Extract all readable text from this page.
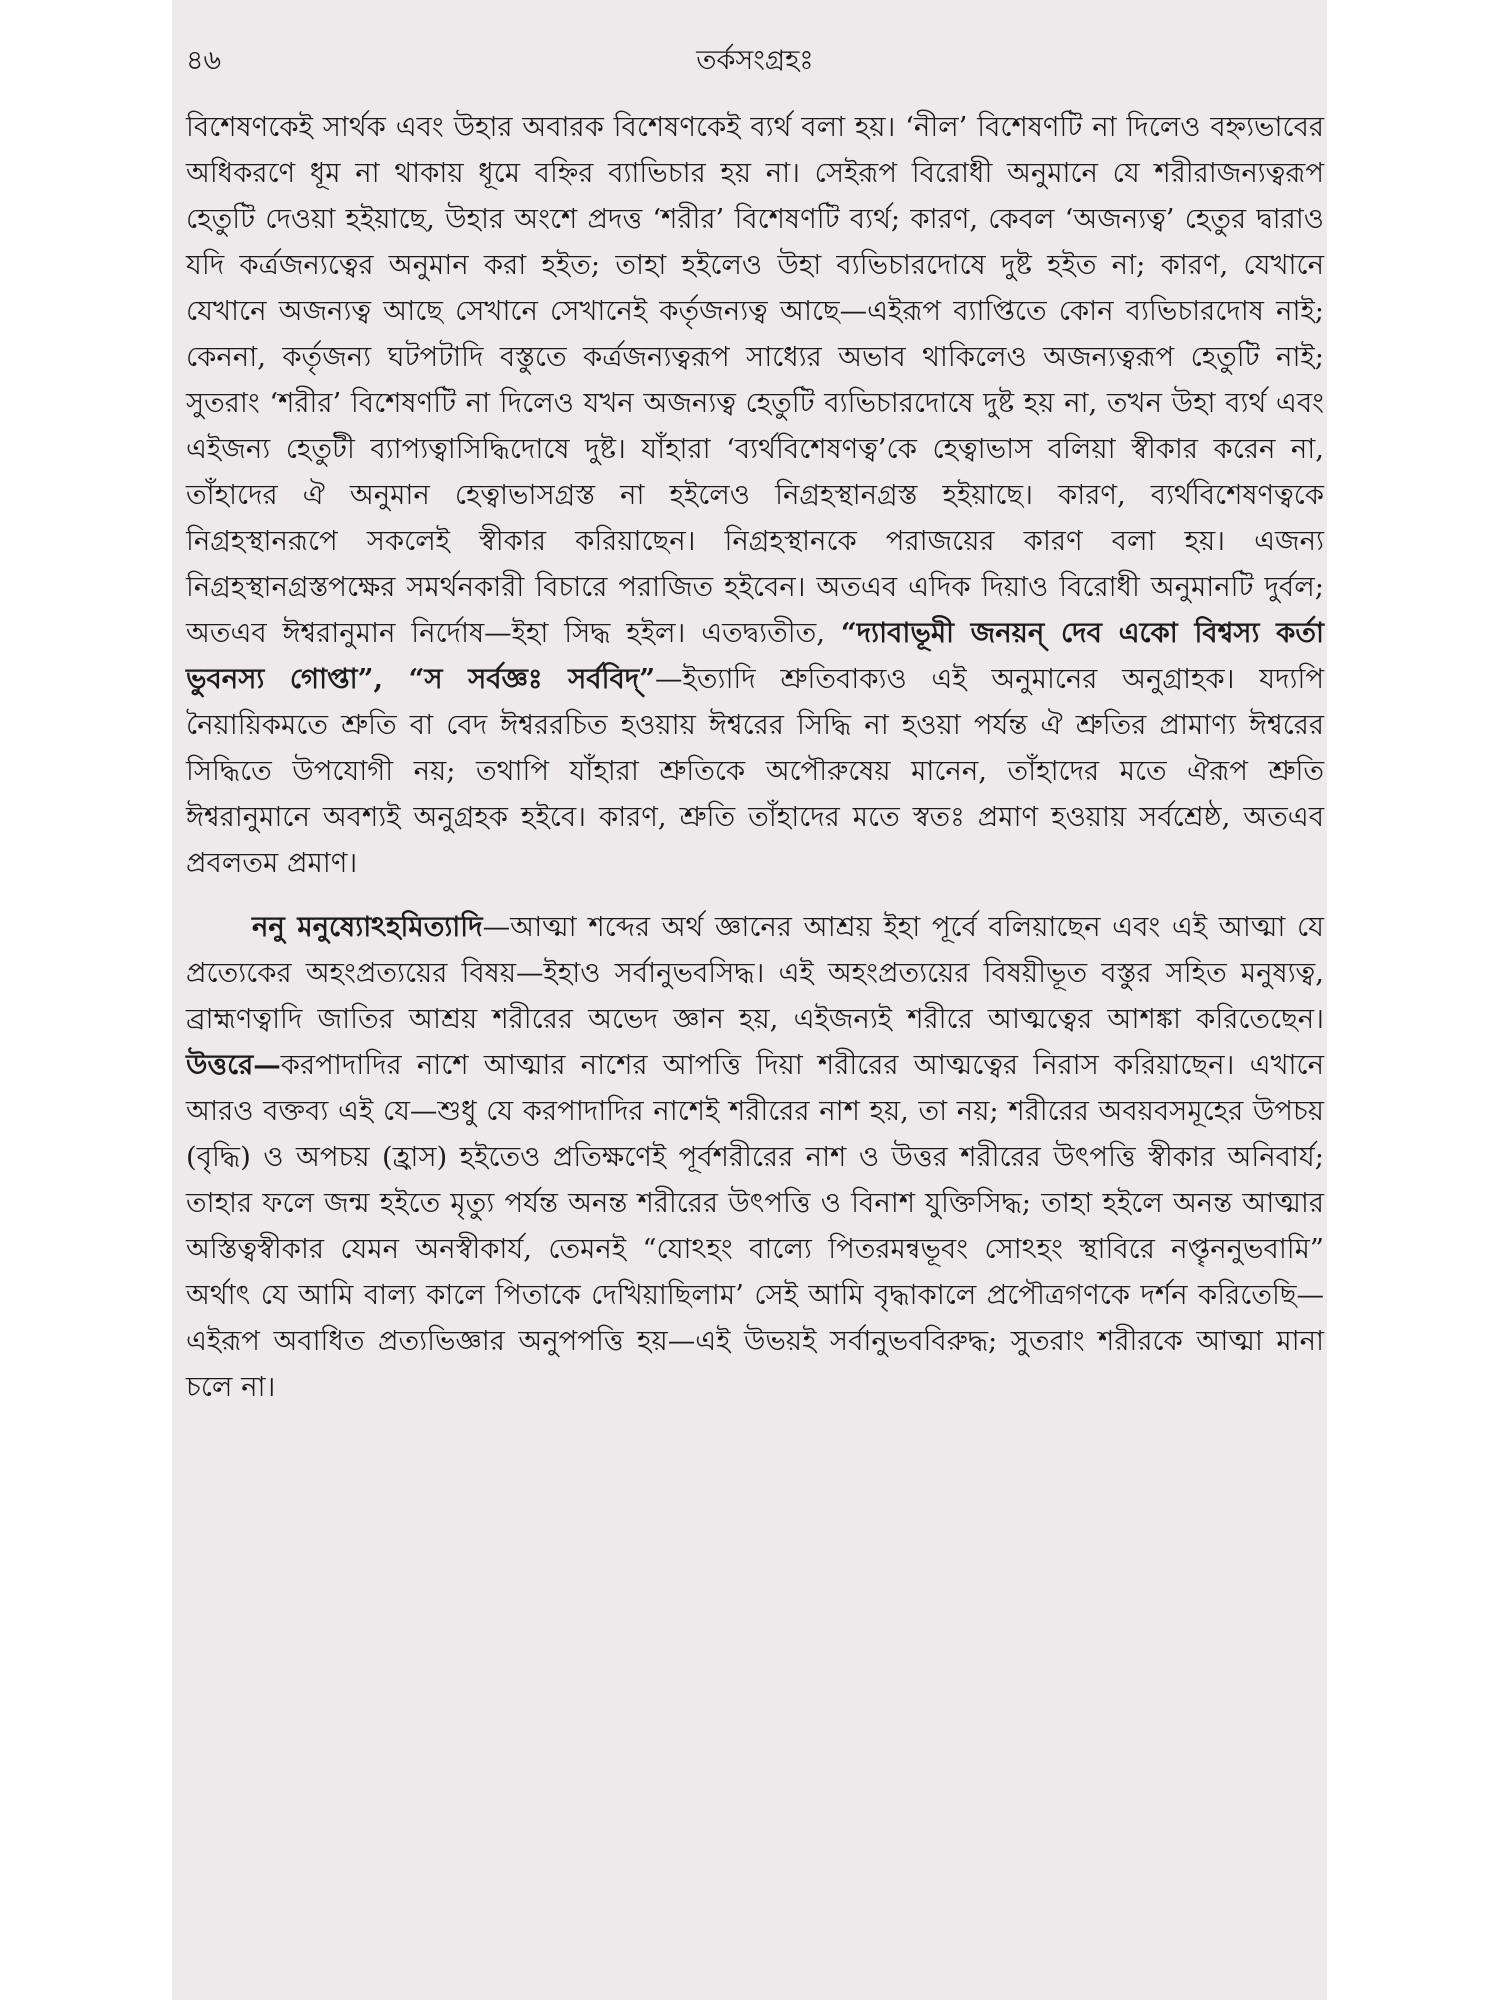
৪৬	তর্কসংগ্রহঃ

বিশেষণকেই সার্থক এবং উহার অবারক বিশেষণকেই ব্যর্থ বলা হয়। ‘নীল’ বিশেষণটি না দিলেও বহ্ন্যভাবের অধিকরণে ধূম না থাকায় ধূমে বহ্নির ব্যাভিচার হয় না। সেইরূপ বিরোধী অনুমানে যে শরীরাজন্যত্বরূপ হেতুটি দেওয়া হইয়াছে, উহার অংশে প্রদত্ত ‘শরীর’ বিশেষণটি ব্যর্থ; কারণ, কেবল ‘অজন্যত্ব’ হেতুর দ্বারাও যদি কর্ত্রজন্যত্বের অনুমান করা হইত; তাহা হইলেও উহা ব্যভিচারদোষে দুষ্ট হইত না; কারণ, যেখানে যেখানে অজন্যত্ব আছে সেখানে সেখানেই কর্তৃজন্যত্ব আছে—এইরূপ ব্যাপ্তিতে কোন ব্যভিচারদোষ নাই; কেননা, কর্তৃজন্য ঘটপটাদি বস্তুতে কর্ত্রজন্যত্বরূপ সাধ্যের অভাব থাকিলেও অজন্যত্বরূপ হেতুটি নাই; সুতরাং ‘শরীর’ বিশেষণটি না দিলেও যখন অজন্যত্ব হেতুটি ব্যভিচারদোষে দুষ্ট হয় না, তখন উহা ব্যর্থ এবং এইজন্য হেতুটী ব্যাপ্যত্বাসিদ্ধিদোষে দুষ্ট। যাঁহারা ‘ব্যর্থবিশেষণত্ব’কে হেত্বাভাস বলিয়া স্বীকার করেন না, তাঁহাদের ঐ অনুমান হেত্বাভাসগ্রস্ত না হইলেও নিগ্রহস্থানগ্রস্ত হইয়াছে। কারণ, ব্যর্থবিশেষণত্বকে নিগ্রহস্থানরূপে সকলেই স্বীকার করিয়াছেন। নিগ্রহস্থানকে পরাজয়ের কারণ বলা হয়। এজন্য নিগ্রহস্থানগ্রস্তপক্ষের সমর্থনকারী বিচারে পরাজিত হইবেন। অতএব এদিক দিয়াও বিরোধী অনুমানটি দুর্বল; অতএব ঈশ্বরানুমান নির্দোষ—ইহা সিদ্ধ হইল। এতদ্ব্যতীত, “দ্যাবাভূমী জনয়ন্ দেব একো বিশ্বস্য কর্তা ভুবনস্য গোপ্তা”, “স সর্বজ্ঞঃ সর্ববিদ্”—ইত্যাদি শ্রুতিবাক্যও এই অনুমানের অনুগ্রাহক। যদ্যপি নৈয়ায়িকমতে শ্রুতি বা বেদ ঈশ্বররচিত হওয়ায় ঈশ্বরের সিদ্ধি না হওয়া পর্যন্ত ঐ শ্রুতির প্রামাণ্য ঈশ্বরের সিদ্ধিতে উপযোগী নয়; তথাপি যাঁহারা শ্রুতিকে অপৌরুষেয় মানেন, তাঁহাদের মতে ঐরূপ শ্রুতি ঈশ্বরানুমানে অবশ্যই অনুগ্রহক হইবে। কারণ, শ্রুতি তাঁহাদের মতে স্বতঃ প্রমাণ হওয়ায় সর্বশ্রেষ্ঠ, অতএব প্রবলতম প্রমাণ।

ননু মনুষ্যোঽহমিত্যাদি—আত্মা শব্দের অর্থ জ্ঞানের আশ্রয় ইহা পূর্বে বলিয়াছেন এবং এই আত্মা যে প্রত্যেকের অহংপ্রত্যয়ের বিষয়—ইহাও সর্বানুভবসিদ্ধ। এই অহংপ্রত্যয়ের বিষয়ীভূত বস্তুর সহিত মনুষ্যত্ব, ব্রাহ্মণত্বাদি জাতির আশ্রয় শরীরের অভেদ জ্ঞান হয়, এইজন্যই শরীরে আত্মত্বের আশঙ্কা করিতেছেন। উত্তরে—করপাদাদির নাশে আত্মার নাশের আপত্তি দিয়া শরীরের আত্মত্বের নিরাস করিয়াছেন। এখানে আরও বক্তব্য এই যে—শুধু যে করপাদাদির নাশেই শরীরের নাশ হয়, তা নয়; শরীরের অবয়বসমূহের উপচয় (বৃদ্ধি) ও অপচয় (হ্রাস) হইতেও প্রতিক্ষণেই পূর্বশরীরের নাশ ও উত্তর শরীরের উৎপত্তি স্বীকার অনিবার্য; তাহার ফলে জন্ম হইতে মৃত্যু পর্যন্ত অনন্ত শরীরের উৎপত্তি ও বিনাশ যুক্তিসিদ্ধ; তাহা হইলে অনন্ত আত্মার অস্তিত্বস্বীকার যেমন অনস্বীকার্য, তেমনই “যোঽহং বাল্যে পিতরমন্বভূবং সোঽহং স্থাবিরে নপ্তৄননুভবামি” অর্থাৎ যে আমি বাল্য কালে পিতাকে দেখিয়াছিলাম’ সেই আমি বৃদ্ধাকালে প্রপৌত্রগণকে দর্শন করিতেছি—এইরূপ অবাধিত প্রত্যভিজ্ঞার অনুপপত্তি হয়—এই উভয়ই সর্বানুভববিরুদ্ধ; সুতরাং শরীরকে আত্মা মানা চলে না।
